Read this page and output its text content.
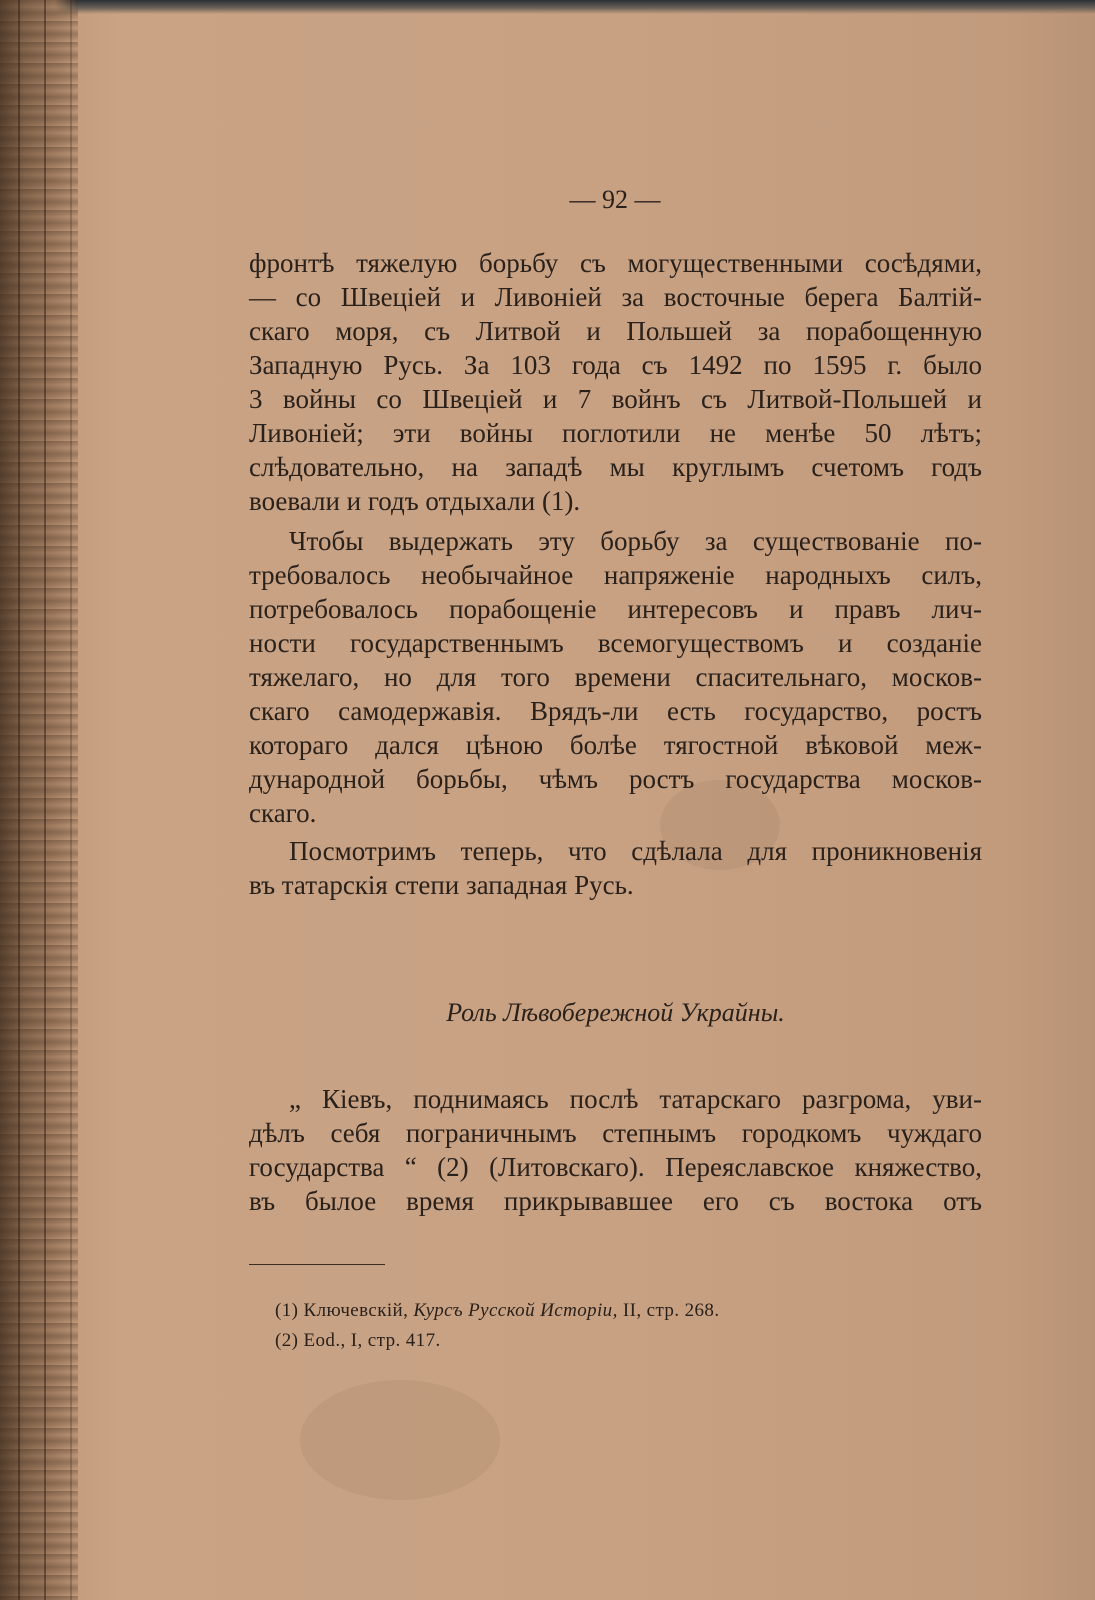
— 92 —
фронтѣ тяжелую борьбу съ могущественными сосѣдями,
— со Швеціей и Ливоніей за восточные берега Балтій-
скаго моря, съ Литвой и Польшей за порабощенную
Западную Русь. За 103 года съ 1492 по 1595 г. было
3 войны со Швеціей и 7 войнъ съ Литвой-Польшей и
Ливоніей; эти войны поглотили не менѣе 50 лѣтъ;
слѣдовательно, на западѣ мы круглымъ счетомъ годъ
воевали и годъ отдыхали (1).
Чтобы выдержать эту борьбу за существованіе по-
требовалось необычайное напряженіе народныхъ силъ,
потребовалось порабощеніе интересовъ и правъ лич-
ности государственнымъ всемогуществомъ и созданіе
тяжелаго, но для того времени спасительнаго, москов-
скаго самодержавія. Врядъ-ли есть государство, ростъ
котораго дался цѣною болѣе тягостной вѣковой меж-
дународной борьбы, чѣмъ ростъ государства москов-
скаго.
Посмотримъ теперь, что сдѣлала для проникновенія
въ татарскія степи западная Русь.
Роль Лѣвобережной Украйны.
„ Кіевъ, поднимаясь послѣ татарскаго разгрома, уви-
дѣлъ себя пограничнымъ степнымъ городкомъ чуждаго
государства “ (2) (Литовскаго). Переяславское княжество,
въ былое время прикрывавшее его съ востока отъ
(1) Ключевскій, Курсъ Русской Исторіи, II, стр. 268.
(2) Eod., I, стр. 417.
